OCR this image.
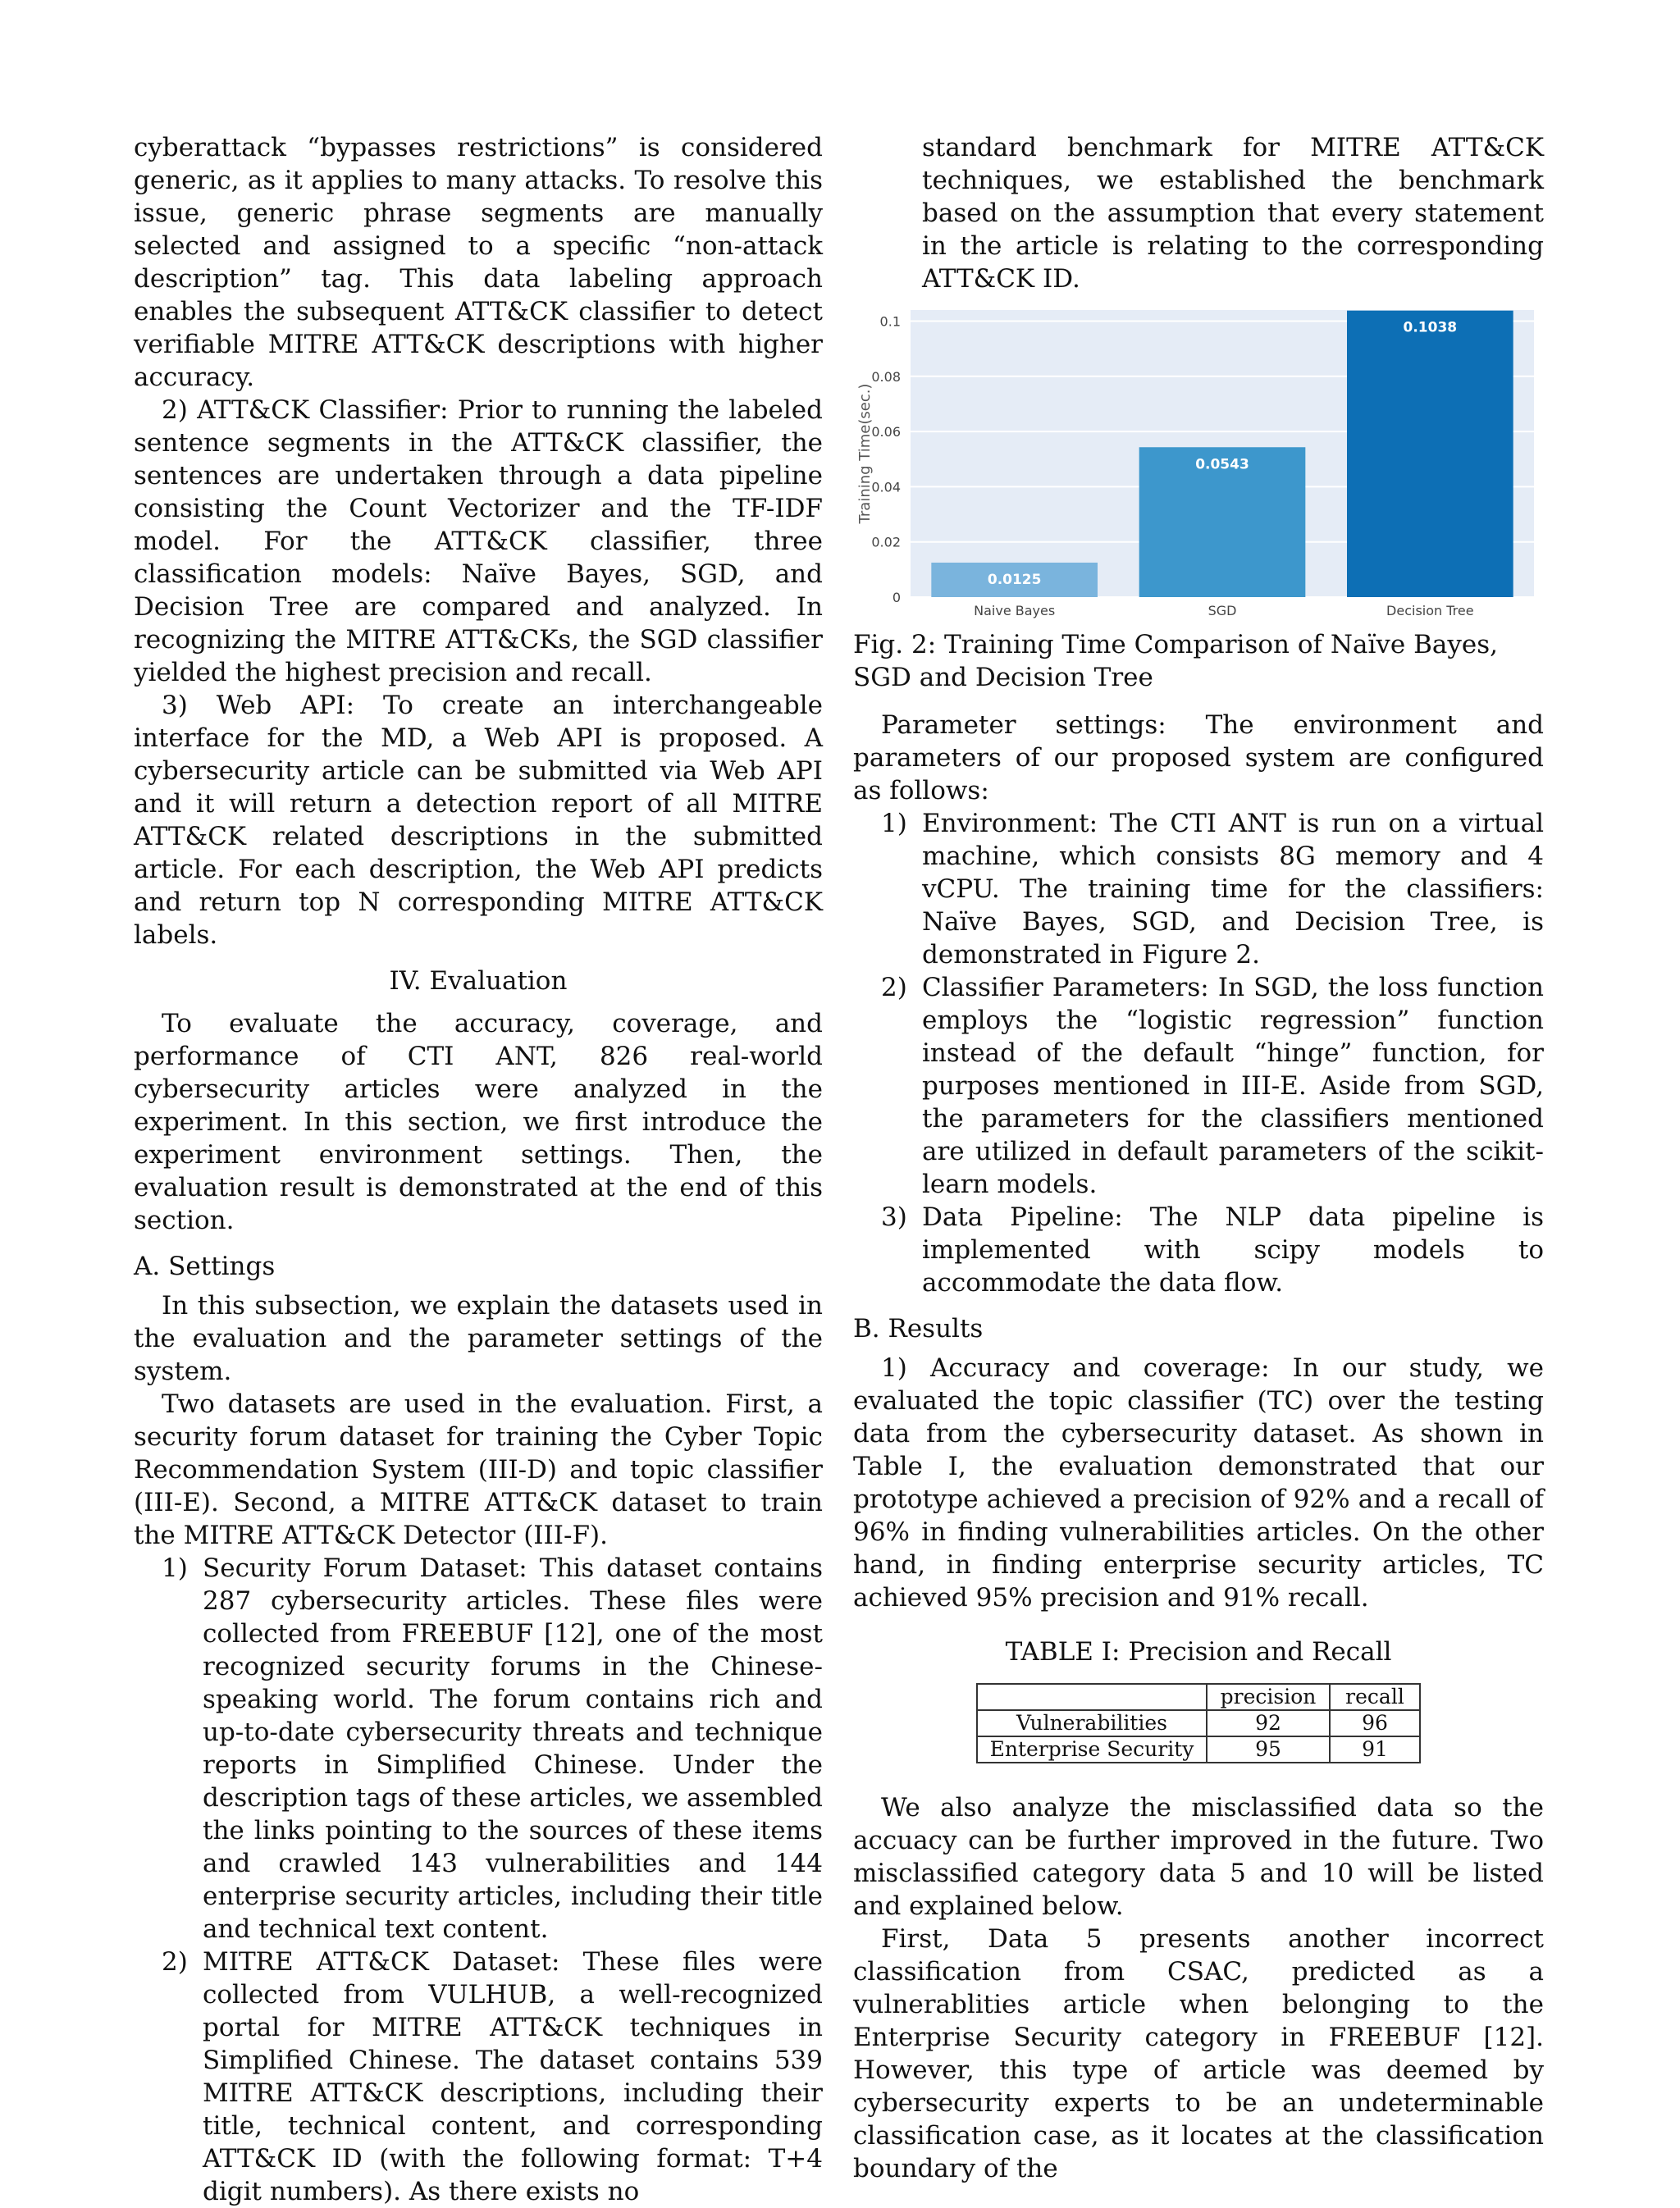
cyberattack “bypasses restrictions” is considered generic, as it applies to many attacks. To resolve this issue, generic phrase segments are manually selected and assigned to a specific “non-attack description” tag. This data labeling approach enables the subsequent ATT&CK classifier to detect verifiable MITRE ATT&CK descriptions with higher accuracy.

2) ATT&CK Classifier: Prior to running the labeled sentence segments in the ATT&CK classifier, the sentences are undertaken through a data pipeline consisting the Count Vectorizer and the TF-IDF model. For the ATT&CK classifier, three classification models: Naïve Bayes, SGD, and Decision Tree are compared and analyzed. In recognizing the MITRE ATT&CKs, the SGD classifier yielded the highest precision and recall.

3) Web API: To create an interchangeable interface for the MD, a Web API is proposed. A cybersecurity article can be submitted via Web API and it will return a detection report of all MITRE ATT&CK related descriptions in the submitted article. For each description, the Web API predicts and return top N corresponding MITRE ATT&CK labels.

IV. Evaluation

To evaluate the accuracy, coverage, and performance of CTI ANT, 826 real-world cybersecurity articles were analyzed in the experiment. In this section, we first introduce the experiment environment settings. Then, the evaluation result is demonstrated at the end of this section.

A. Settings

In this subsection, we explain the datasets used in the evaluation and the parameter settings of the system.

Two datasets are used in the evaluation. First, a security forum dataset for training the Cyber Topic Recommendation System (III-D) and topic classifier (III-E). Second, a MITRE ATT&CK dataset to train the MITRE ATT&CK Detector (III-F).

1) Security Forum Dataset: This dataset contains 287 cybersecurity articles. These files were collected from FREEBUF [12], one of the most recognized security forums in the Chinese-speaking world. The forum contains rich and up-to-date cybersecurity threats and technique reports in Simplified Chinese. Under the description tags of these articles, we assembled the links pointing to the sources of these items and crawled 143 vulnerabilities and 144 enterprise security articles, including their title and technical text content.
2) MITRE ATT&CK Dataset: These files were collected from VULHUB, a well-recognized portal for MITRE ATT&CK techniques in Simplified Chinese. The dataset contains 539 MITRE ATT&CK descriptions, including their title, technical content, and corresponding ATT&CK ID (with the following format: T+4 digit numbers). As there exists no
standard benchmark for MITRE ATT&CK techniques, we established the benchmark based on the assumption that every statement in the article is relating to the corresponding ATT&CK ID.
0
0.02
0.04
0.06
0.08
0.1
0.0125
Naive Bayes
0.0543
SGD
0.1038
Decision Tree
Training Time(sec.)

Fig. 2: Training Time Comparison of Naïve Bayes, SGD and Decision Tree

Parameter settings: The environment and parameters of our proposed system are configured as follows:

1) Environment: The CTI ANT is run on a virtual machine, which consists 8G memory and 4 vCPU. The training time for the classifiers: Naïve Bayes, SGD, and Decision Tree, is demonstrated in Figure 2.
2) Classifier Parameters: In SGD, the loss function employs the “logistic regression” function instead of the default “hinge” function, for purposes mentioned in III-E. Aside from SGD, the parameters for the classifiers mentioned are utilized in default parameters of the scikit-learn models.
3) Data Pipeline: The NLP data pipeline is implemented with scipy models to accommodate the data flow.
B. Results

1) Accuracy and coverage: In our study, we evaluated the topic classifier (TC) over the testing data from the cybersecurity dataset. As shown in Table I, the evaluation demonstrated that our prototype achieved a precision of 92% and a recall of 96% in finding vulnerabilities articles. On the other hand, in finding enterprise security articles, TC achieved 95% precision and 91% recall.

TABLE I: Precision and Recall
	precision	recall
Vulnerabilities	92	96
Enterprise Security	95	91

We also analyze the misclassified data so the accuacy can be further improved in the future. Two misclassified category data 5 and 10 will be listed and explained below.

First, Data 5 presents another incorrect classification from CSAC, predicted as a vulnerablities article when belonging to the Enterprise Security category in FREEBUF [12]. However, this type of article was deemed by cybersecurity experts to be an undeterminable classification case, as it locates at the classification boundary of the
